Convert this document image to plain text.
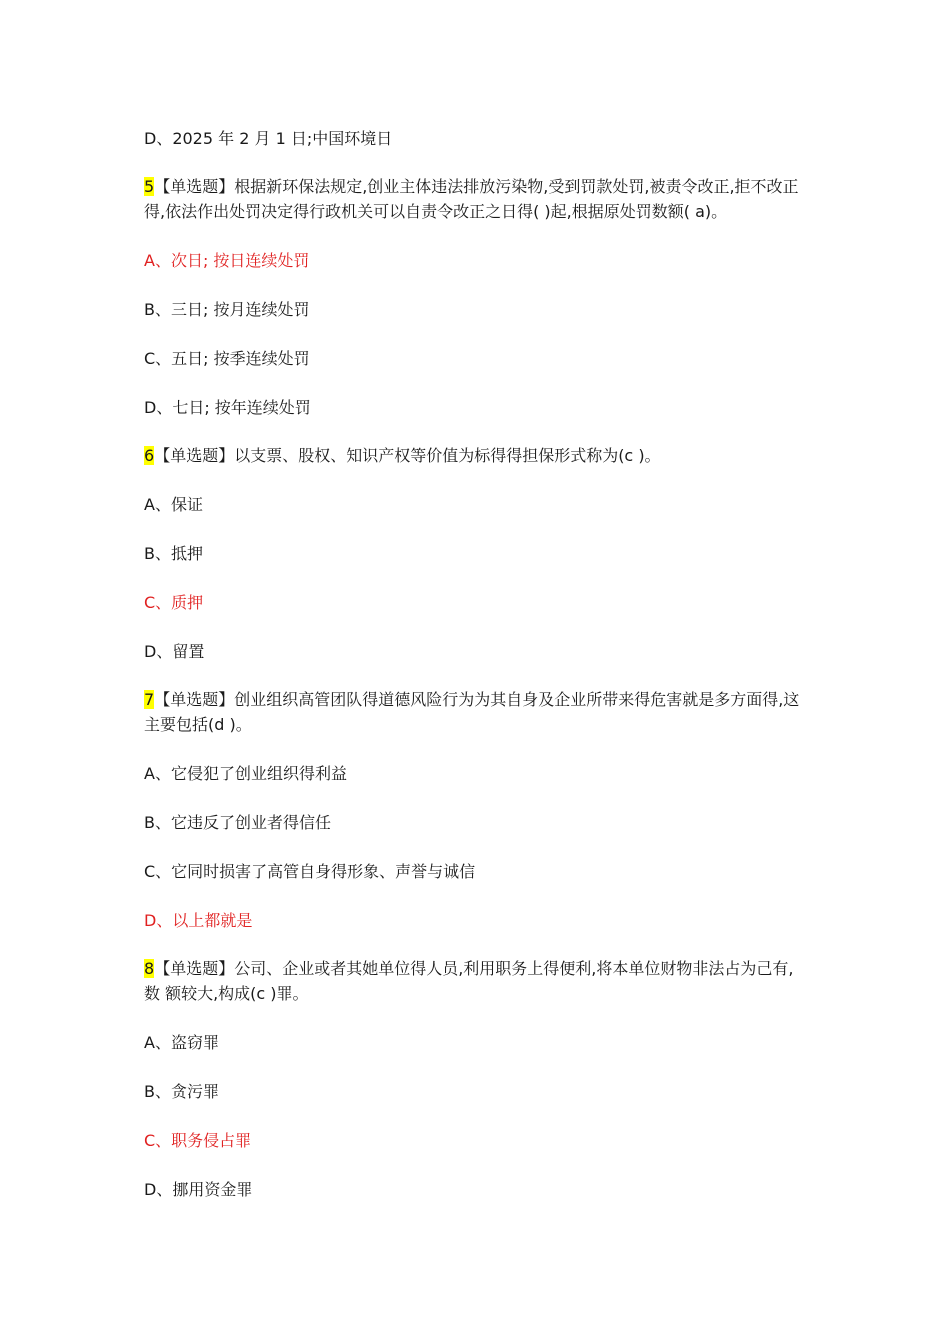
D、2025 年 2 月 1 日;中国环境日
5【单选题】根据新环保法规定,创业主体违法排放污染物,受到罚款处罚,被责令改正,拒不改正得,依法作出处罚决定得行政机关可以自责令改正之日得( )起,根据原处罚数额( a)。
A、次日; 按日连续处罚
B、三日; 按月连续处罚
C、五日; 按季连续处罚
D、七日; 按年连续处罚
6【单选题】以支票、股权、知识产权等价值为标得得担保形式称为(c )。
A、保证
B、抵押
C、质押
D、留置
7【单选题】创业组织高管团队得道德风险行为为其自身及企业所带来得危害就是多方面得,这主要包括(d )。
A、它侵犯了创业组织得利益
B、它违反了创业者得信任
C、它同时损害了高管自身得形象、声誉与诚信
D、以上都就是
8【单选题】公司、企业或者其她单位得人员,利用职务上得便利,将本单位财物非法占为己有,数 额较大,构成(c )罪。
A、盗窃罪
B、贪污罪
C、职务侵占罪
D、挪用资金罪
